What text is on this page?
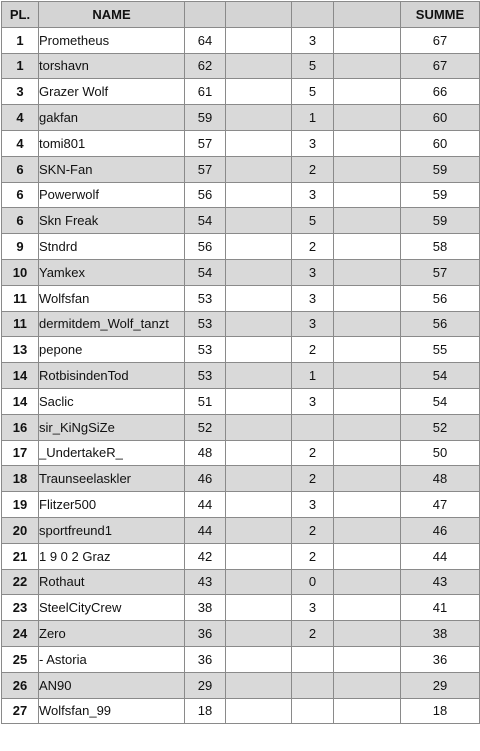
PL.	NAME					SUMME
1	Prometheus	64		3		67
1	torshavn	62		5		67
3	Grazer Wolf	61		5		66
4	gakfan	59		1		60
4	tomi801	57		3		60
6	SKN-Fan	57		2		59
6	Powerwolf	56		3		59
6	Skn Freak	54		5		59
9	Stndrd	56		2		58
10	Yamkex	54		3		57
11	Wolfsfan	53		3		56
11	dermitdem_Wolf_tanzt	53		3		56
13	pepone	53		2		55
14	RotbisindenTod	53		1		54
14	Saclic	51		3		54
16	sir_KiNgSiZe	52				52
17	_UndertakeR_	48		2		50
18	Traunseelaskler	46		2		48
19	Flitzer500	44		3		47
20	sportfreund1	44		2		46
21	1 9 0 2 Graz	42		2		44
22	Rothaut	43		0		43
23	SteelCityCrew	38		3		41
24	Zero	36		2		38
25	- Astoria	36				36
26	AN90	29				29
27	Wolfsfan_99	18				18
